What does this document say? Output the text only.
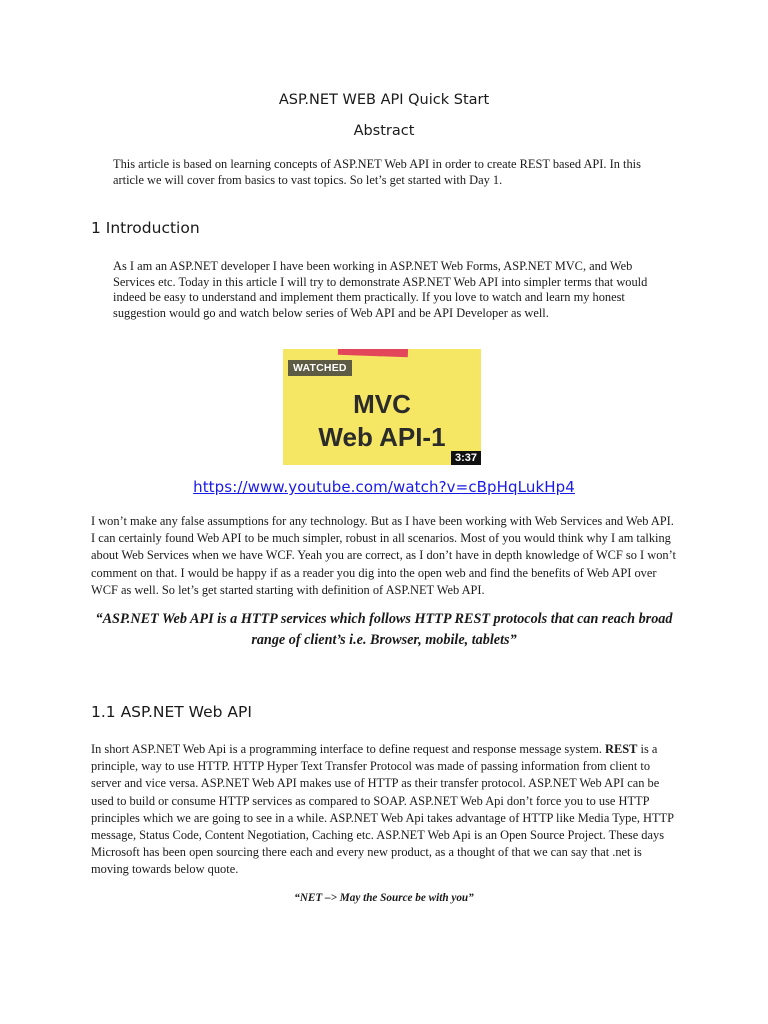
ASP.NET WEB API Quick Start
Abstract
This article is based on learning concepts of ASP.NET Web API in order to create REST based API. In this article we will cover from basics to vast topics. So let’s get started with Day 1.
1 Introduction
As I am an ASP.NET developer I have been working in ASP.NET Web Forms, ASP.NET MVC, and Web Services etc. Today in this article I will try to demonstrate ASP.NET Web API into simpler terms that would indeed be easy to understand and implement them practically. If you love to watch and learn my honest suggestion would go and watch below series of Web API and be API Developer as well.
WATCHED
MVC
Web API-1
3:37
https://www.youtube.com/watch?v=cBpHqLukHp4
I won’t make any false assumptions for any technology. But as I have been working with Web Services and Web API. I can certainly found Web API to be much simpler, robust in all scenarios. Most of you would think why I am talking about Web Services when we have WCF. Yeah you are correct, as I don’t have in depth knowledge of WCF so I won’t comment on that. I would be happy if as a reader you dig into the open web and find the benefits of Web API over WCF as well. So let’s get started starting with definition of ASP.NET Web API.
“ASP.NET Web API is a HTTP services which follows HTTP REST protocols that can reach broad range of client’s i.e. Browser, mobile, tablets”
1.1 ASP.NET Web API
In short ASP.NET Web Api is a programming interface to define request and response message system. REST is a principle, way to use HTTP. HTTP Hyper Text Transfer Protocol was made of passing information from client to server and vice versa. ASP.NET Web API makes use of HTTP as their transfer protocol. ASP.NET Web API can be used to build or consume HTTP services as compared to SOAP. ASP.NET Web Api don’t force you to use HTTP principles which we are going to see in a while. ASP.NET Web Api takes advantage of HTTP like Media Type, HTTP message, Status Code, Content Negotiation, Caching etc. ASP.NET Web Api is an Open Source Project. These days Microsoft has been open sourcing there each and every new product, as a thought of that we can say that .net is moving towards below quote.
“NET –> May the Source be with you”
